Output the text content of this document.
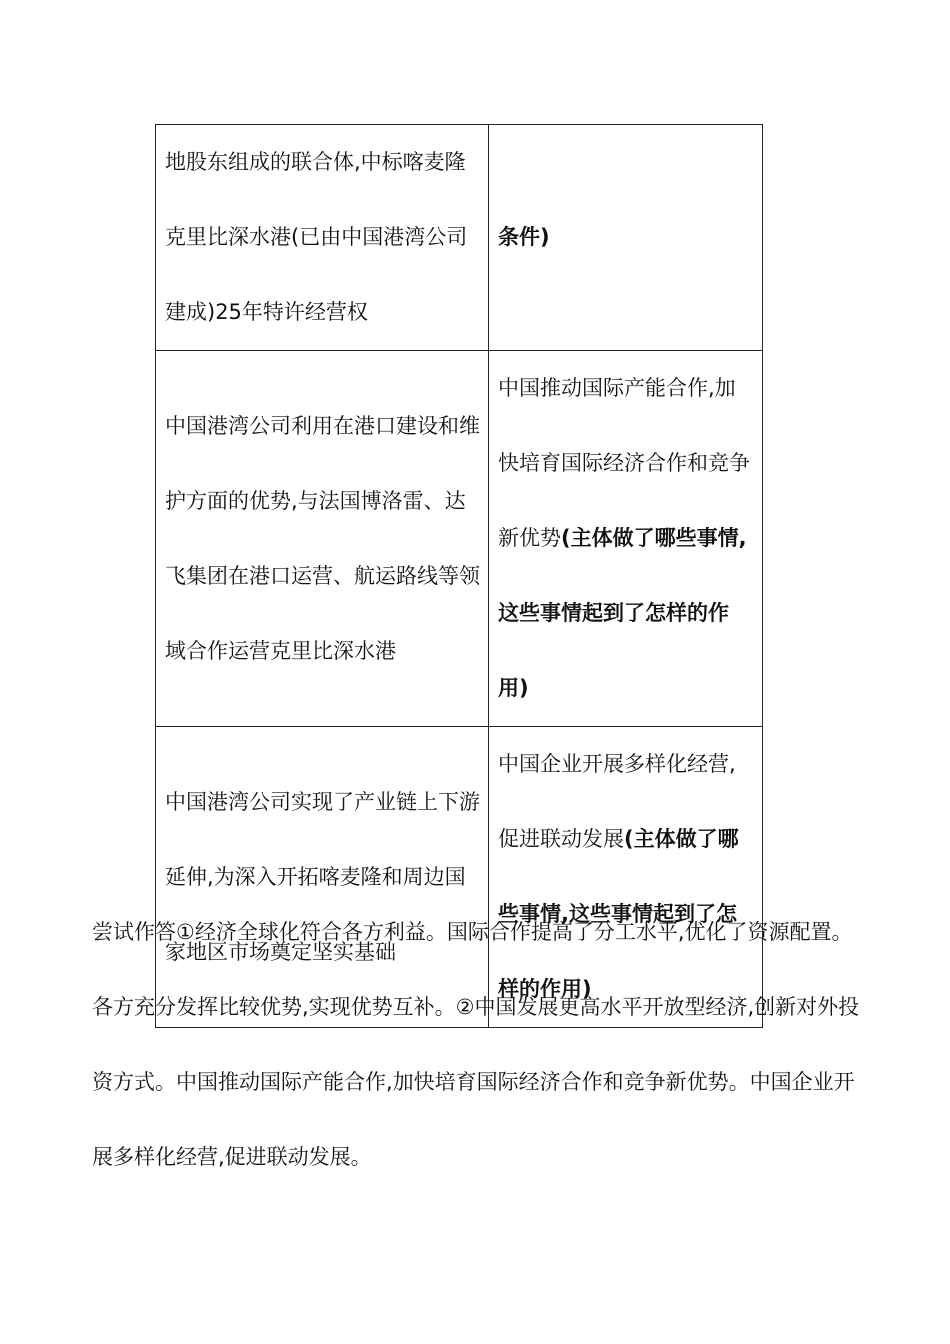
地股东组成的联合体,中标喀麦隆克里比深水港(已由中国港湾公司建成)25年特许经营权	条件)
中国港湾公司利用在港口建设和维护方面的优势,与法国博洛雷、达飞集团在港口运营、航运路线等领域合作运营克里比深水港	中国推动国际产能合作,加快培育国际经济合作和竞争新优势(主体做了哪些事情,这些事情起到了怎样的作用)
中国港湾公司实现了产业链上下游延伸,为深入开拓喀麦隆和周边国家地区市场奠定坚实基础	中国企业开展多样化经营,促进联动发展(主体做了哪些事情,这些事情起到了怎样的作用)

尝试作答①经济全球化符合各方利益。国际合作提高了分工水平,优化了资源配置。各方充分发挥比较优势,实现优势互补。②中国发展更高水平开放型经济,创新对外投资方式。中国推动国际产能合作,加快培育国际经济合作和竞争新优势。中国企业开展多样化经营,促进联动发展。
